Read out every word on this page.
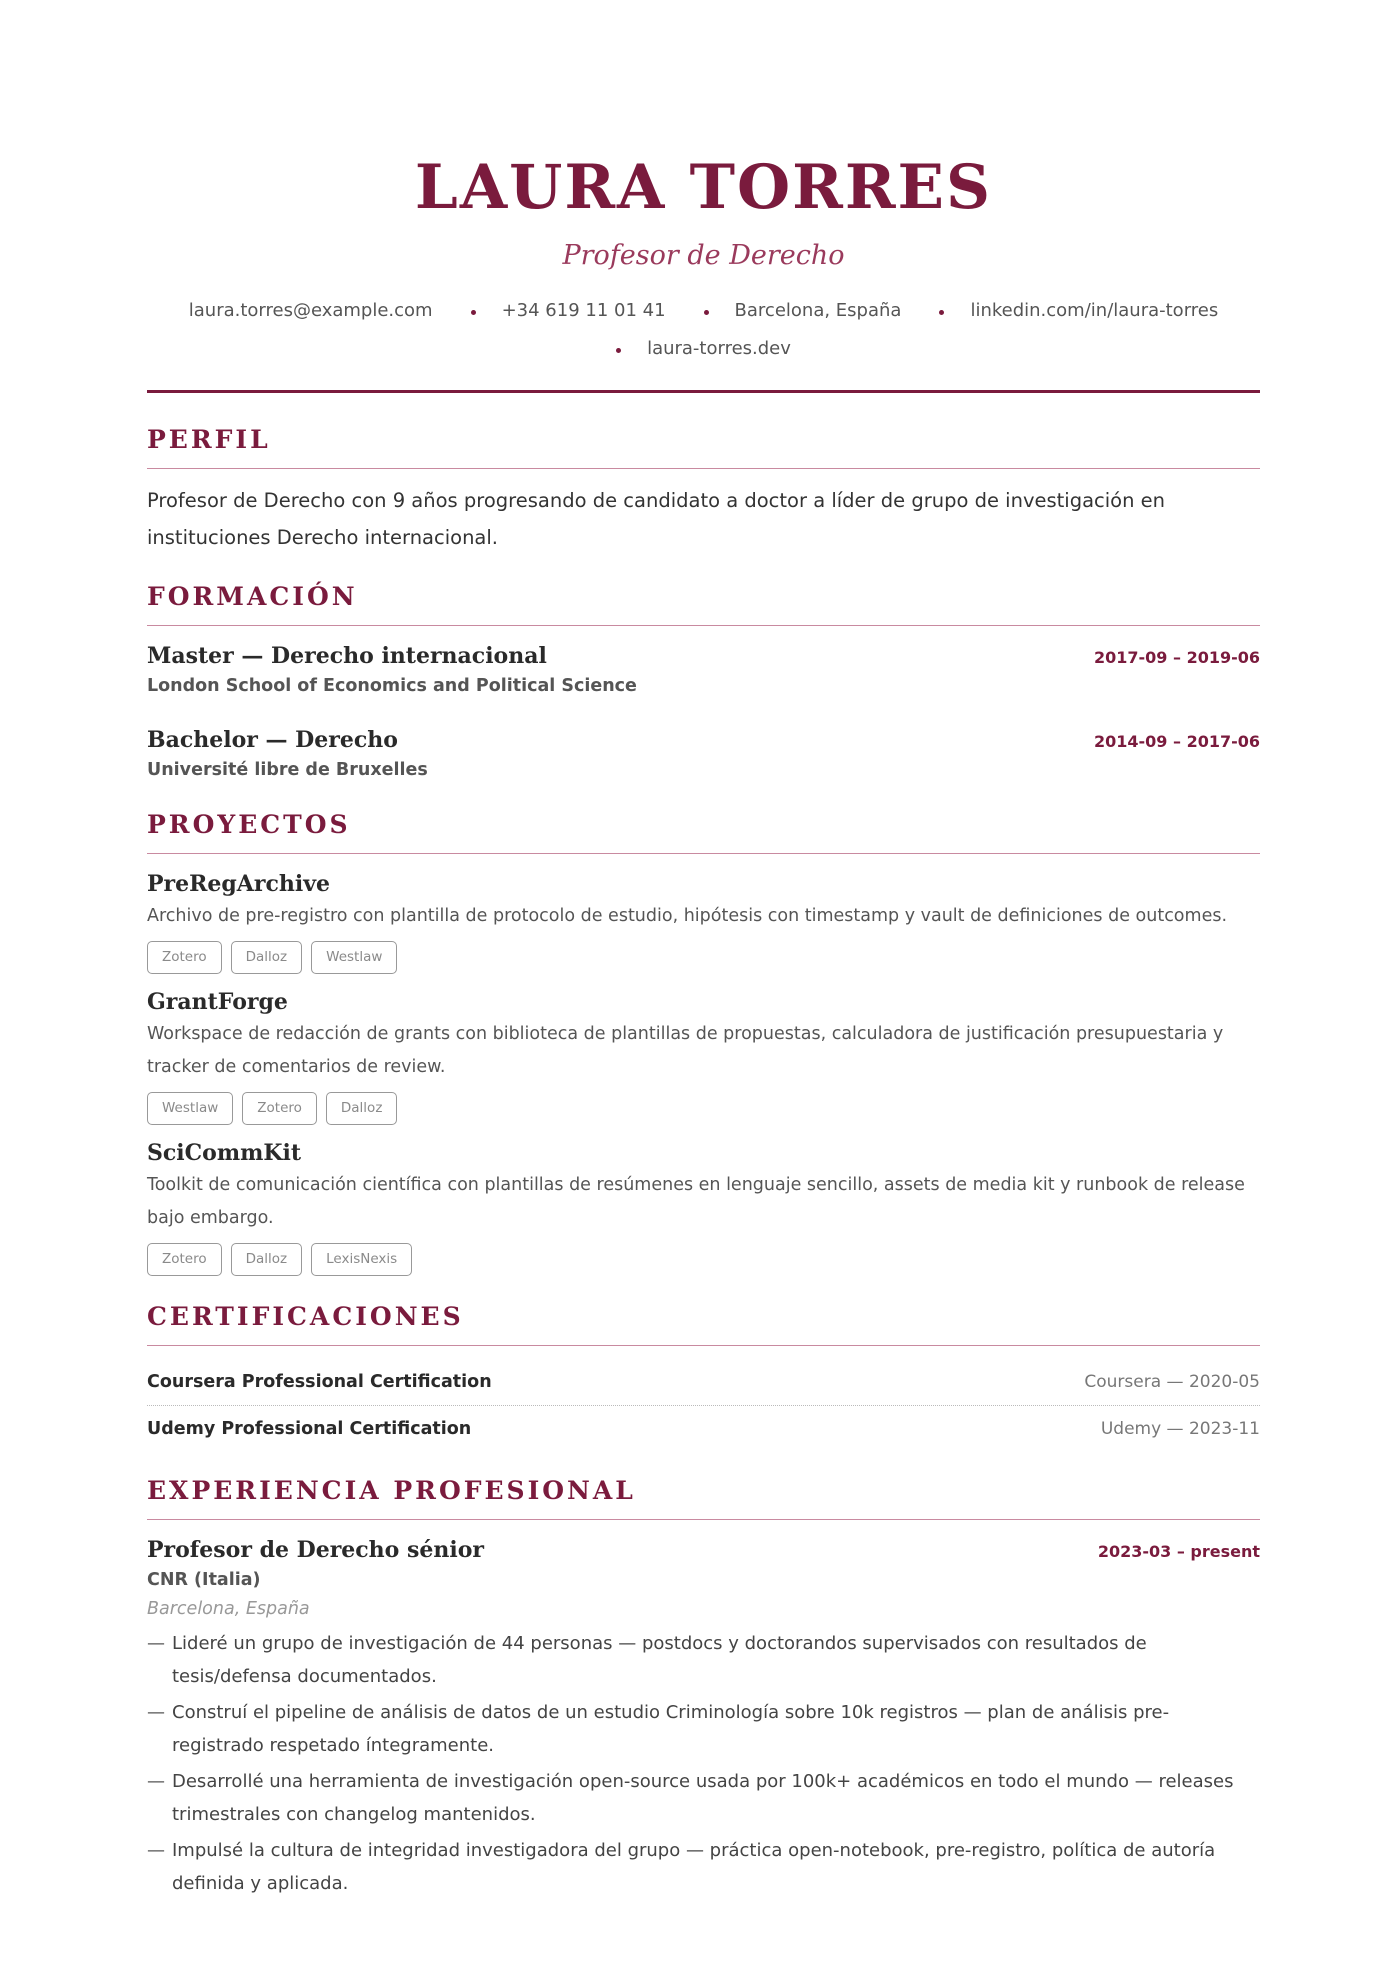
LAURA TORRES
Profesor de Derecho
laura.torres@example.com	+34 619 11 01 41	Barcelona, España	linkedin.com/in/laura-torres
laura-torres.dev
PERFIL
Profesor de Derecho con 9 años progresando de candidato a doctor a líder de grupo de investigación en instituciones Derecho internacional.
FORMACIÓN
Master — Derecho internacional	2017-09 – 2019-06
London School of Economics and Political Science
Bachelor — Derecho	2014-09 – 2017-06
Université libre de Bruxelles
PROYECTOS
PreRegArchive
Archivo de pre-registro con plantilla de protocolo de estudio, hipótesis con timestamp y vault de definiciones de outcomes.
Zotero	Dalloz	Westlaw
GrantForge
Workspace de redacción de grants con biblioteca de plantillas de propuestas, calculadora de justificación presupuestaria y tracker de comentarios de review.
Westlaw	Zotero	Dalloz
SciCommKit
Toolkit de comunicación científica con plantillas de resúmenes en lenguaje sencillo, assets de media kit y runbook de release bajo embargo.
Zotero	Dalloz	LexisNexis
CERTIFICACIONES
Coursera Professional Certification	Coursera — 2020-05
Udemy Professional Certification	Udemy — 2023-11
EXPERIENCIA PROFESIONAL
Profesor de Derecho sénior	2023-03 – present
CNR (Italia)
Barcelona, España
— Lideré un grupo de investigación de 44 personas — postdocs y doctorandos supervisados con resultados de tesis/defensa documentados.
— Construí el pipeline de análisis de datos de un estudio Criminología sobre 10k registros — plan de análisis pre-registrado respetado íntegramente.
— Desarrollé una herramienta de investigación open-source usada por 100k+ académicos en todo el mundo — releases trimestrales con changelog mantenidos.
— Impulsé la cultura de integridad investigadora del grupo — práctica open-notebook, pre-registro, política de autoría definida y aplicada.
